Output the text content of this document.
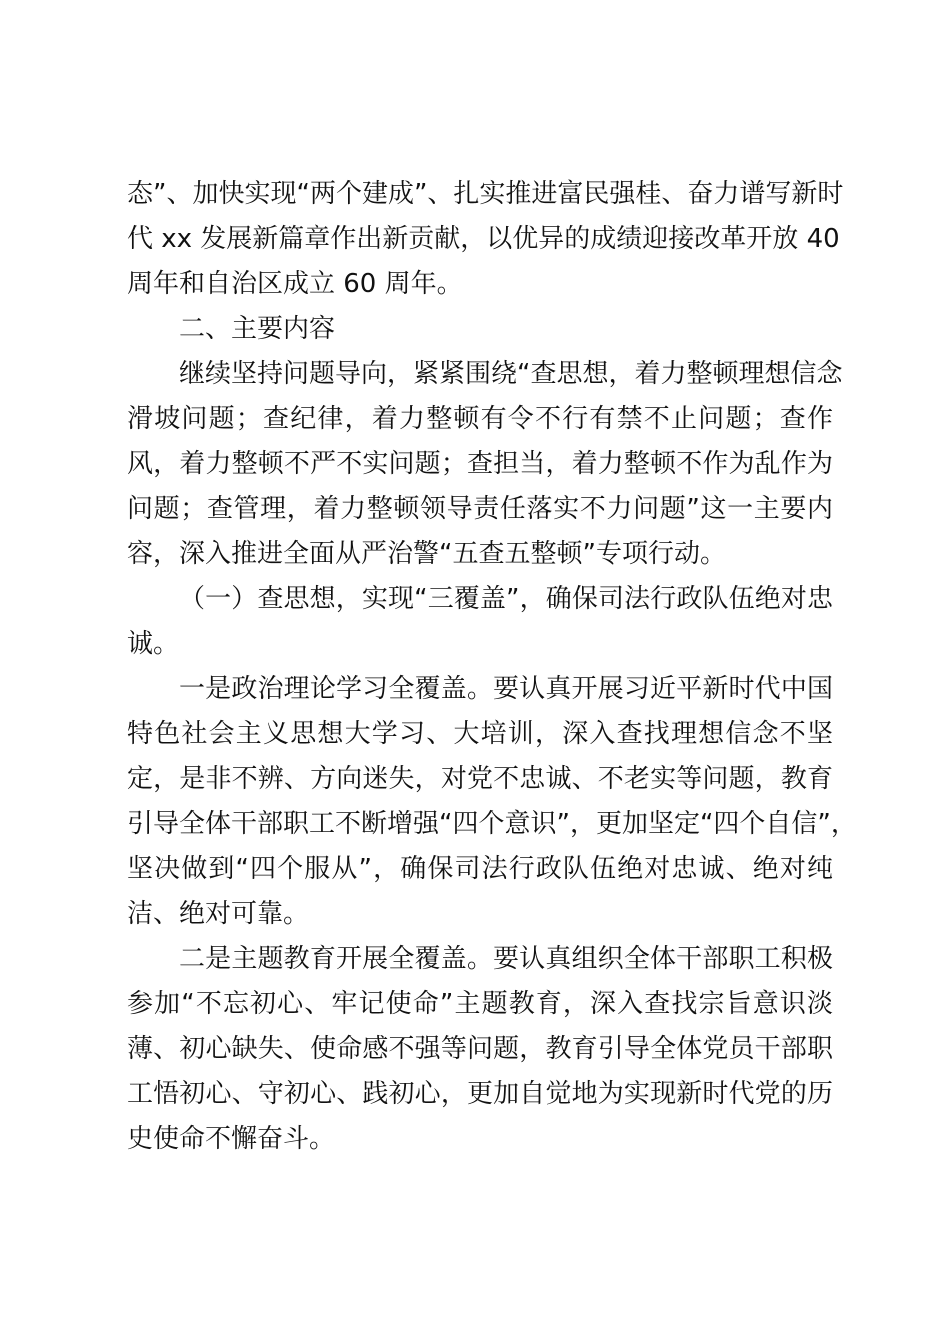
态”、加快实现“两个建成”、扎实推进富民强桂、奋力谱写新时
代 xx 发展新篇章作出新贡献，以优异的成绩迎接改革开放 40
周年和自治区成立 60 周年。
二、主要内容
继续坚持问题导向，紧紧围绕“查思想，着力整顿理想信念
滑坡问题；查纪律，着力整顿有令不行有禁不止问题；查作
风，着力整顿不严不实问题；查担当，着力整顿不作为乱作为
问题；查管理，着力整顿领导责任落实不力问题”这一主要内
容，深入推进全面从严治警“五查五整顿”专项行动。
（一）查思想，实现“三覆盖”，确保司法行政队伍绝对忠
诚。
一是政治理论学习全覆盖。要认真开展习近平新时代中国
特色社会主义思想大学习、大培训，深入查找理想信念不坚
定，是非不辨、方向迷失，对党不忠诚、不老实等问题，教育
引导全体干部职工不断增强“四个意识”，更加坚定“四个自信”，
坚决做到“四个服从”，确保司法行政队伍绝对忠诚、绝对纯
洁、绝对可靠。
二是主题教育开展全覆盖。要认真组织全体干部职工积极
参加“不忘初心、牢记使命”主题教育，深入查找宗旨意识淡
薄、初心缺失、使命感不强等问题，教育引导全体党员干部职
工悟初心、守初心、践初心，更加自觉地为实现新时代党的历
史使命不懈奋斗。
